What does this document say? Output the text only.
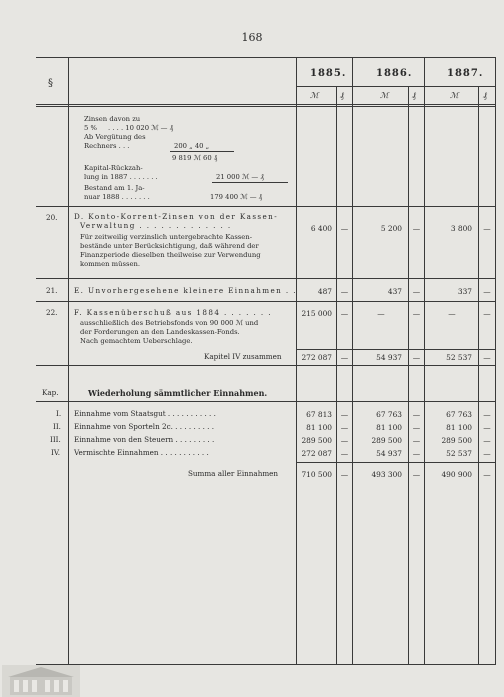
168
§
1885.	1886.	1887.
ℳ	₰	ℳ	₰	ℳ	₰
Zinsen davon zu
5 % . . . . 10 020 ℳ — ₰
Ab Vergütung des
Rechners . . .	200 „ 40 „
9 819 ℳ 60 ₰
Kapital-Rückzah-
lung in 1887 . . . . . . .	21 000 ℳ — ₰
Bestand am 1. Ja-
nuar 1888 . . . . . . .	179 400 ℳ — ₰
20. D. Konto-Korrent-Zinsen von der Kassen-
Verwaltung . . . . . . . . . . . . .
Für zeitweilig verzinslich untergebrachte Kassen-
bestände unter Berücksichtigung, daß während der
Finanzperiode dieselben theilweise zur Verwendung
kommen müssen.
6 400	—	5 200	—	3 800	—
21. E. Unvorhergesehene kleinere Einnahmen . .	487	—	437	—	337	—
22. F. Kassenüberschuß aus 1884 . . . . . . .
ausschließlich des Betriebsfonds von 90 000 ℳ und
der Forderungen an den Landeskassen-Fonds.
Nach gemachtem Ueberschlage.
215 000	—	—	—	—	—
Kapitel IV zusammen	272 087	—	54 937	—	52 537	—
Kap.	Wiederholung sämmtlicher Einnahmen.
I. Einnahme vom Staatsgut . . . . . . . . . . .	67 813	—	67 763	—	67 763	—
II. Einnahme von Sporteln 2c. . . . . . . . . .	81 100	—	81 100	—	81 100	—
III. Einnahme von den Steuern . . . . . . . . .	289 500	—	289 500	—	289 500	—
IV. Vermischte Einnahmen . . . . . . . . . . .	272 087	—	54 937	—	52 537	—
Summa aller Einnahmen	710 500	—	493 300	—	490 900	—
